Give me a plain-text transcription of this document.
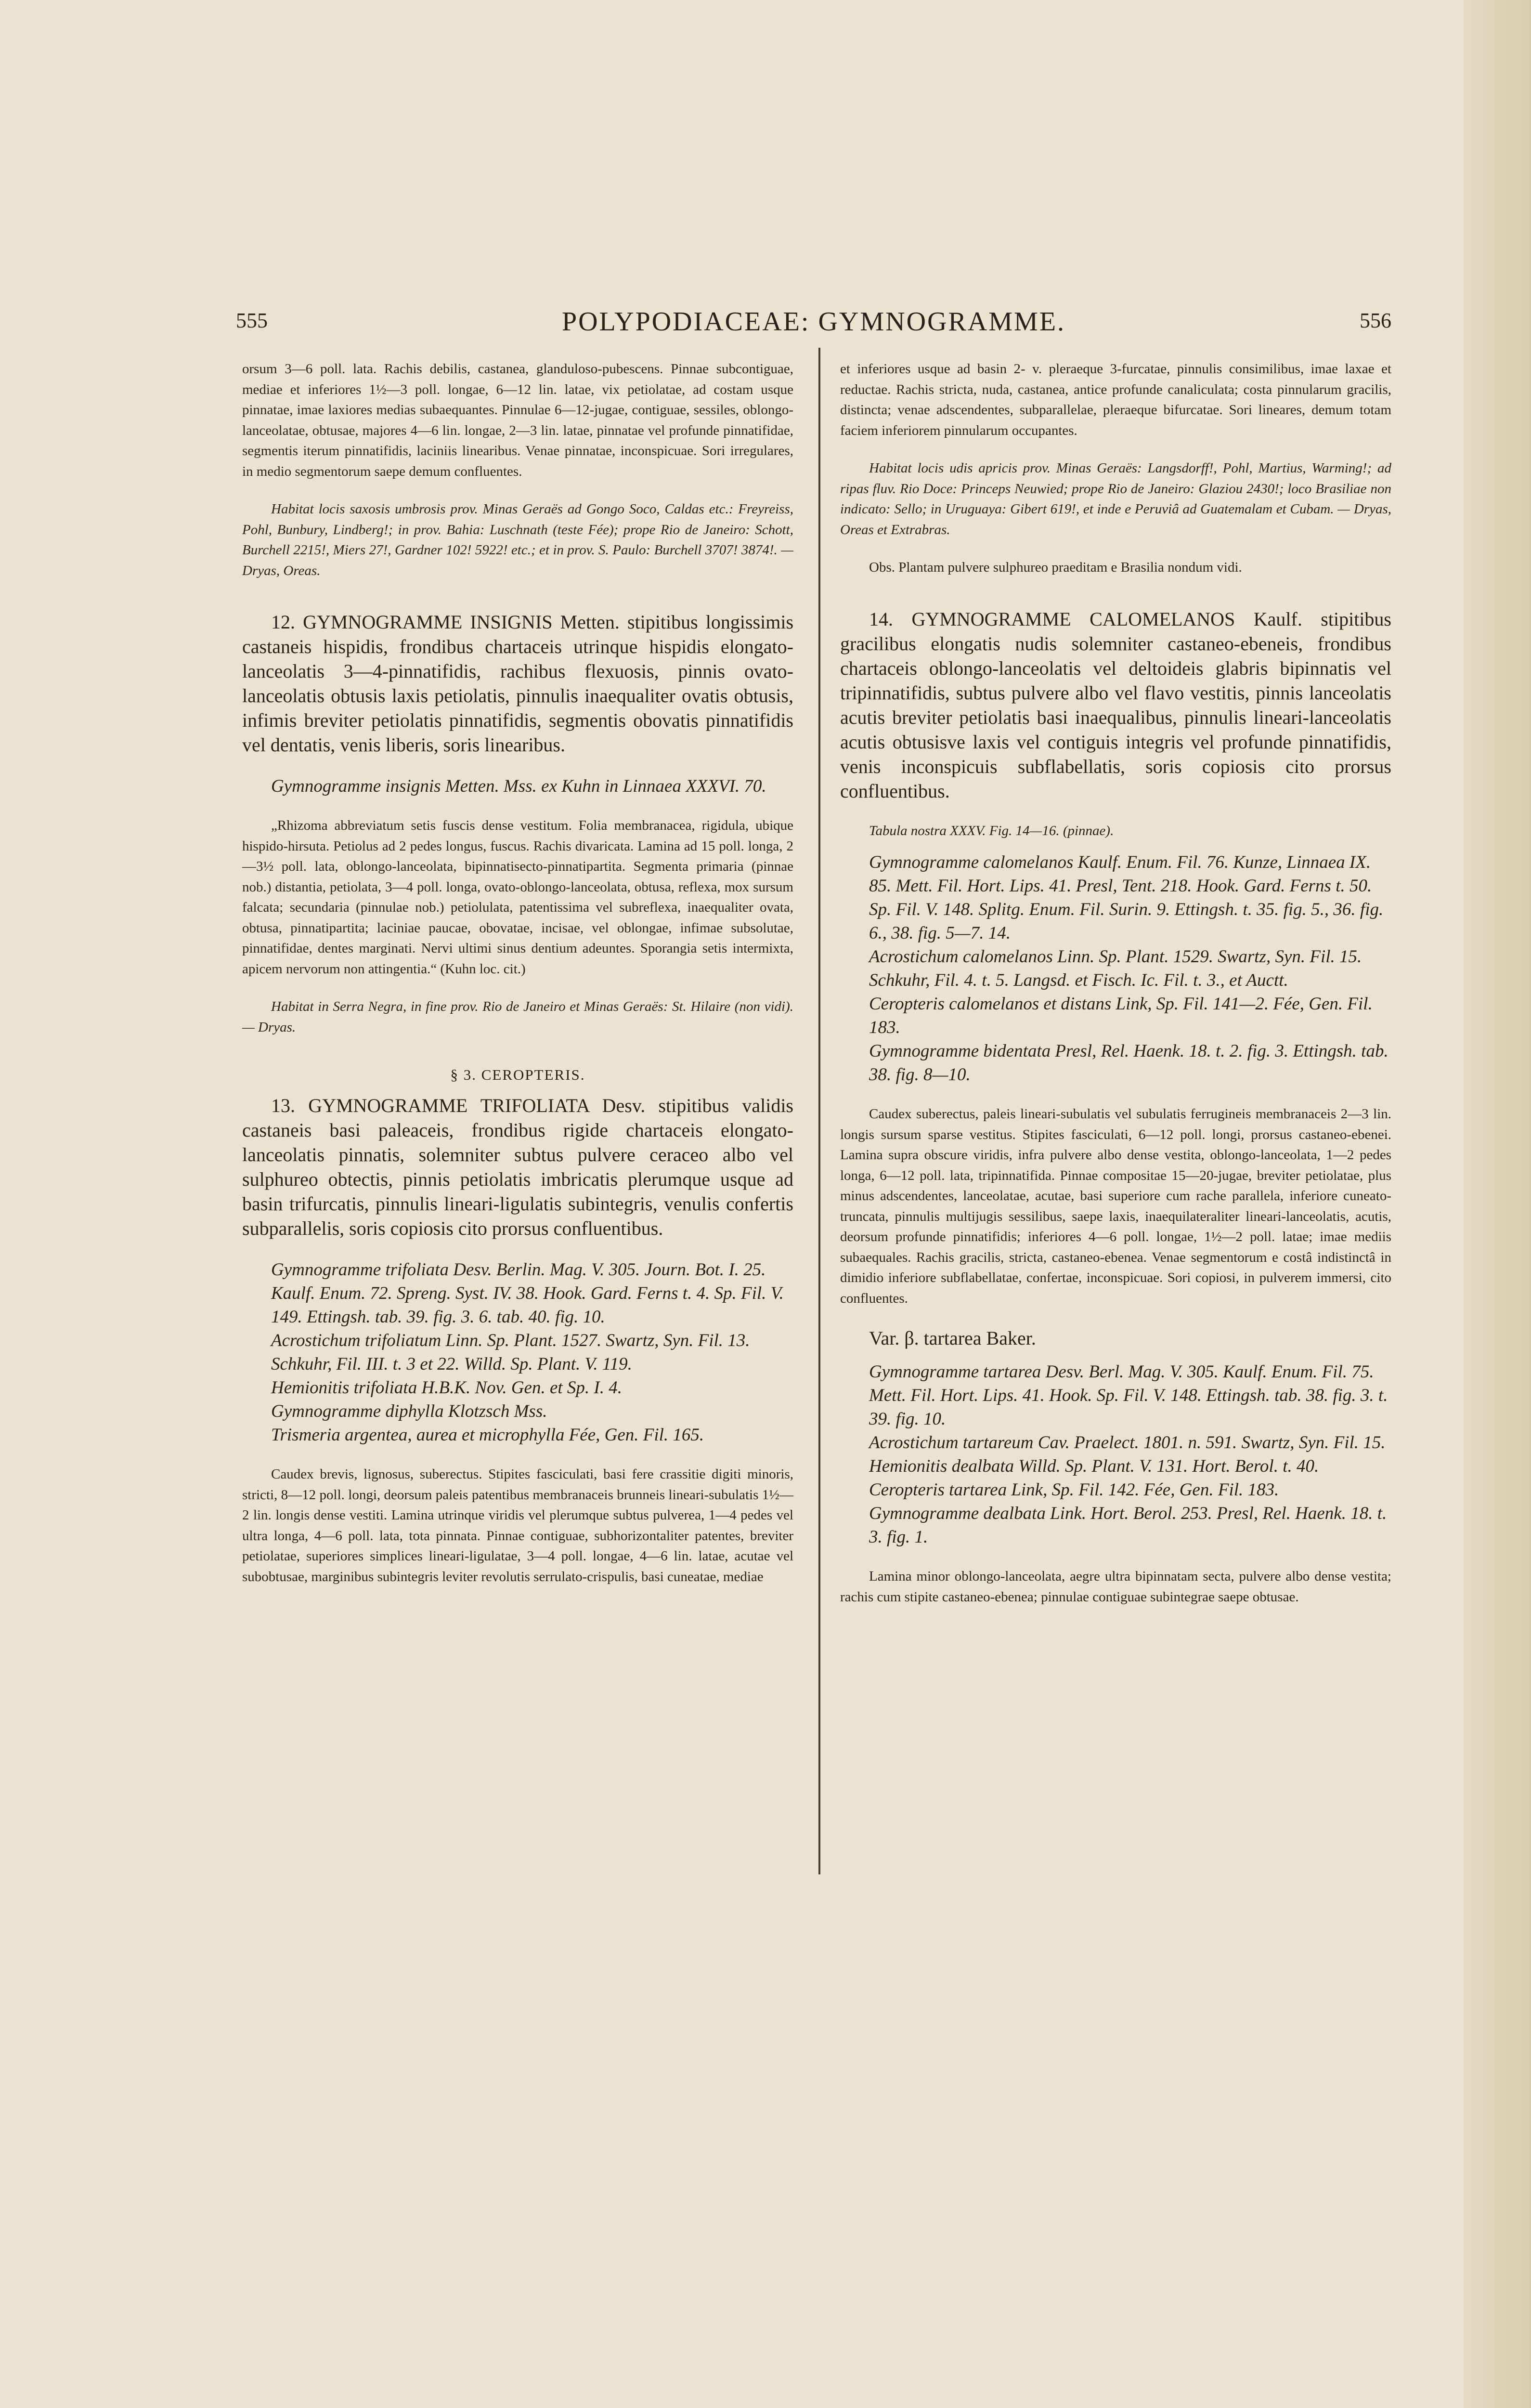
555	POLYPODIACEAE: GYMNOGRAMME.	556

orsum 3—6 poll. lata. Rachis debilis, castanea, glanduloso-pubescens. Pinnae subcontiguae, mediae et inferiores 1½—3 poll. longae, 6—12 lin. latae, vix petiolatae, ad costam usque pinnatae, imae laxiores medias subaequantes. Pinnulae 6—12-jugae, contiguae, sessiles, oblongo-lanceolatae, obtusae, majores 4—6 lin. longae, 2—3 lin. latae, pinnatae vel profunde pinnatifidae, segmentis iterum pinnatifidis, laciniis linearibus. Venae pinnatae, inconspicuae. Sori irregulares, in medio segmentorum saepe demum confluentes.

Habitat locis saxosis umbrosis prov. Minas Geraës ad Gongo Soco, Caldas etc.: Freyreiss, Pohl, Bunbury, Lindberg!; in prov. Bahia: Luschnath (teste Fée); prope Rio de Janeiro: Schott, Burchell 2215!, Miers 27!, Gardner 102! 5922! etc.; et in prov. S. Paulo: Burchell 3707! 3874!. — Dryas, Oreas.

12. GYMNOGRAMME INSIGNIS Metten. stipitibus longissimis castaneis hispidis, frondibus chartaceis utrinque hispidis elongato-lanceolatis 3—4-pinnatifidis, rachibus flexuosis, pinnis ovato-lanceolatis obtusis laxis petiolatis, pinnulis inaequaliter ovatis obtusis, infimis breviter petiolatis pinnatifidis, segmentis obovatis pinnatifidis vel dentatis, venis liberis, soris linearibus.

Gymnogramme insignis Metten. Mss. ex Kuhn in Linnaea XXXVI. 70.

„Rhizoma abbreviatum setis fuscis dense vestitum. Folia membranacea, rigidula, ubique hispido-hirsuta. Petiolus ad 2 pedes longus, fuscus. Rachis divaricata. Lamina ad 15 poll. longa, 2—3½ poll. lata, oblongo-lanceolata, bipinnatisecto-pinnatipartita. Segmenta primaria (pinnae nob.) distantia, petiolata, 3—4 poll. longa, ovato-oblongo-lanceolata, obtusa, reflexa, mox sursum falcata; secundaria (pinnulae nob.) petiolulata, patentissima vel subreflexa, inaequaliter ovata, obtusa, pinnatipartita; laciniae paucae, obovatae, incisae, vel oblongae, infimae subsolutae, pinnatifidae, dentes marginati. Nervi ultimi sinus dentium adeuntes. Sporangia setis intermixta, apicem nervorum non attingentia.“ (Kuhn loc. cit.)

Habitat in Serra Negra, in fine prov. Rio de Janeiro et Minas Geraës: St. Hilaire (non vidi). — Dryas.

§ 3. CEROPTERIS.

13. GYMNOGRAMME TRIFOLIATA Desv. stipitibus validis castaneis basi paleaceis, frondibus rigide chartaceis elongato-lanceolatis pinnatis, solemniter subtus pulvere ceraceo albo vel sulphureo obtectis, pinnis petiolatis imbricatis plerumque usque ad basin trifurcatis, pinnulis lineari-ligulatis subintegris, venulis confertis subparallelis, soris copiosis cito prorsus confluentibus.

Gymnogramme trifoliata Desv. Berlin. Mag. V. 305. Journ. Bot. I. 25. Kaulf. Enum. 72. Spreng. Syst. IV. 38. Hook. Gard. Ferns t. 4. Sp. Fil. V. 149. Ettingsh. tab. 39. fig. 3. 6. tab. 40. fig. 10.

Acrostichum trifoliatum Linn. Sp. Plant. 1527. Swartz, Syn. Fil. 13. Schkuhr, Fil. III. t. 3 et 22. Willd. Sp. Plant. V. 119.

Hemionitis trifoliata H.B.K. Nov. Gen. et Sp. I. 4.

Gymnogramme diphylla Klotzsch Mss.

Trismeria argentea, aurea et microphylla Fée, Gen. Fil. 165.

Caudex brevis, lignosus, suberectus. Stipites fasciculati, basi fere crassitie digiti minoris, stricti, 8—12 poll. longi, deorsum paleis patentibus membranaceis brunneis lineari-subulatis 1½—2 lin. longis dense vestiti. Lamina utrinque viridis vel plerumque subtus pulverea, 1—4 pedes vel ultra longa, 4—6 poll. lata, tota pinnata. Pinnae contiguae, subhorizontaliter patentes, breviter petiolatae, superiores simplices lineari-ligulatae, 3—4 poll. longae, 4—6 lin. latae, acutae vel subobtusae, marginibus subintegris leviter revolutis serrulato-crispulis, basi cuneatae, mediae

et inferiores usque ad basin 2- v. pleraeque 3-furcatae, pinnulis consimilibus, imae laxae et reductae. Rachis stricta, nuda, castanea, antice profunde canaliculata; costa pinnularum gracilis, distincta; venae adscendentes, subparallelae, pleraeque bifurcatae. Sori lineares, demum totam faciem inferiorem pinnularum occupantes.

Habitat locis udis apricis prov. Minas Geraës: Langsdorff!, Pohl, Martius, Warming!; ad ripas fluv. Rio Doce: Princeps Neuwied; prope Rio de Janeiro: Glaziou 2430!; loco Brasiliae non indicato: Sello; in Uruguaya: Gibert 619!, et inde e Peruviâ ad Guatemalam et Cubam. — Dryas, Oreas et Extrabras.

Obs. Plantam pulvere sulphureo praeditam e Brasilia nondum vidi.

14. GYMNOGRAMME CALOMELANOS Kaulf. stipitibus gracilibus elongatis nudis solemniter castaneo-ebeneis, frondibus chartaceis oblongo-lanceolatis vel deltoideis glabris bipinnatis vel tripinnatifidis, subtus pulvere albo vel flavo vestitis, pinnis lanceolatis acutis breviter petiolatis basi inaequalibus, pinnulis lineari-lanceolatis acutis obtusisve laxis vel contiguis integris vel profunde pinnatifidis, venis inconspicuis subflabellatis, soris copiosis cito prorsus confluentibus.

Tabula nostra XXXV. Fig. 14—16. (pinnae).

Gymnogramme calomelanos Kaulf. Enum. Fil. 76. Kunze, Linnaea IX. 85. Mett. Fil. Hort. Lips. 41. Presl, Tent. 218. Hook. Gard. Ferns t. 50. Sp. Fil. V. 148. Splitg. Enum. Fil. Surin. 9. Ettingsh. t. 35. fig. 5., 36. fig. 6., 38. fig. 5—7. 14.

Acrostichum calomelanos Linn. Sp. Plant. 1529. Swartz, Syn. Fil. 15. Schkuhr, Fil. 4. t. 5. Langsd. et Fisch. Ic. Fil. t. 3., et Auctt.

Ceropteris calomelanos et distans Link, Sp. Fil. 141—2. Fée, Gen. Fil. 183.

Gymnogramme bidentata Presl, Rel. Haenk. 18. t. 2. fig. 3. Ettingsh. tab. 38. fig. 8—10.

Caudex suberectus, paleis lineari-subulatis vel subulatis ferrugineis membranaceis 2—3 lin. longis sursum sparse vestitus. Stipites fasciculati, 6—12 poll. longi, prorsus castaneo-ebenei. Lamina supra obscure viridis, infra pulvere albo dense vestita, oblongo-lanceolata, 1—2 pedes longa, 6—12 poll. lata, tripinnatifida. Pinnae compositae 15—20-jugae, breviter petiolatae, plus minus adscendentes, lanceolatae, acutae, basi superiore cum rache parallela, inferiore cuneato-truncata, pinnulis multijugis sessilibus, saepe laxis, inaequilateraliter lineari-lanceolatis, acutis, deorsum profunde pinnatifidis; inferiores 4—6 poll. longae, 1½—2 poll. latae; imae mediis subaequales. Rachis gracilis, stricta, castaneo-ebenea. Venae segmentorum e costâ indistinctâ in dimidio inferiore subflabellatae, confertae, inconspicuae. Sori copiosi, in pulverem immersi, cito confluentes.

Var. β. tartarea Baker.

Gymnogramme tartarea Desv. Berl. Mag. V. 305. Kaulf. Enum. Fil. 75. Mett. Fil. Hort. Lips. 41. Hook. Sp. Fil. V. 148. Ettingsh. tab. 38. fig. 3. t. 39. fig. 10.

Acrostichum tartareum Cav. Praelect. 1801. n. 591. Swartz, Syn. Fil. 15.

Hemionitis dealbata Willd. Sp. Plant. V. 131. Hort. Berol. t. 40.

Ceropteris tartarea Link, Sp. Fil. 142. Fée, Gen. Fil. 183.

Gymnogramme dealbata Link. Hort. Berol. 253. Presl, Rel. Haenk. 18. t. 3. fig. 1.

Lamina minor oblongo-lanceolata, aegre ultra bipinnatam secta, pulvere albo dense vestita; rachis cum stipite castaneo-ebenea; pinnulae contiguae subintegrae saepe obtusae.
